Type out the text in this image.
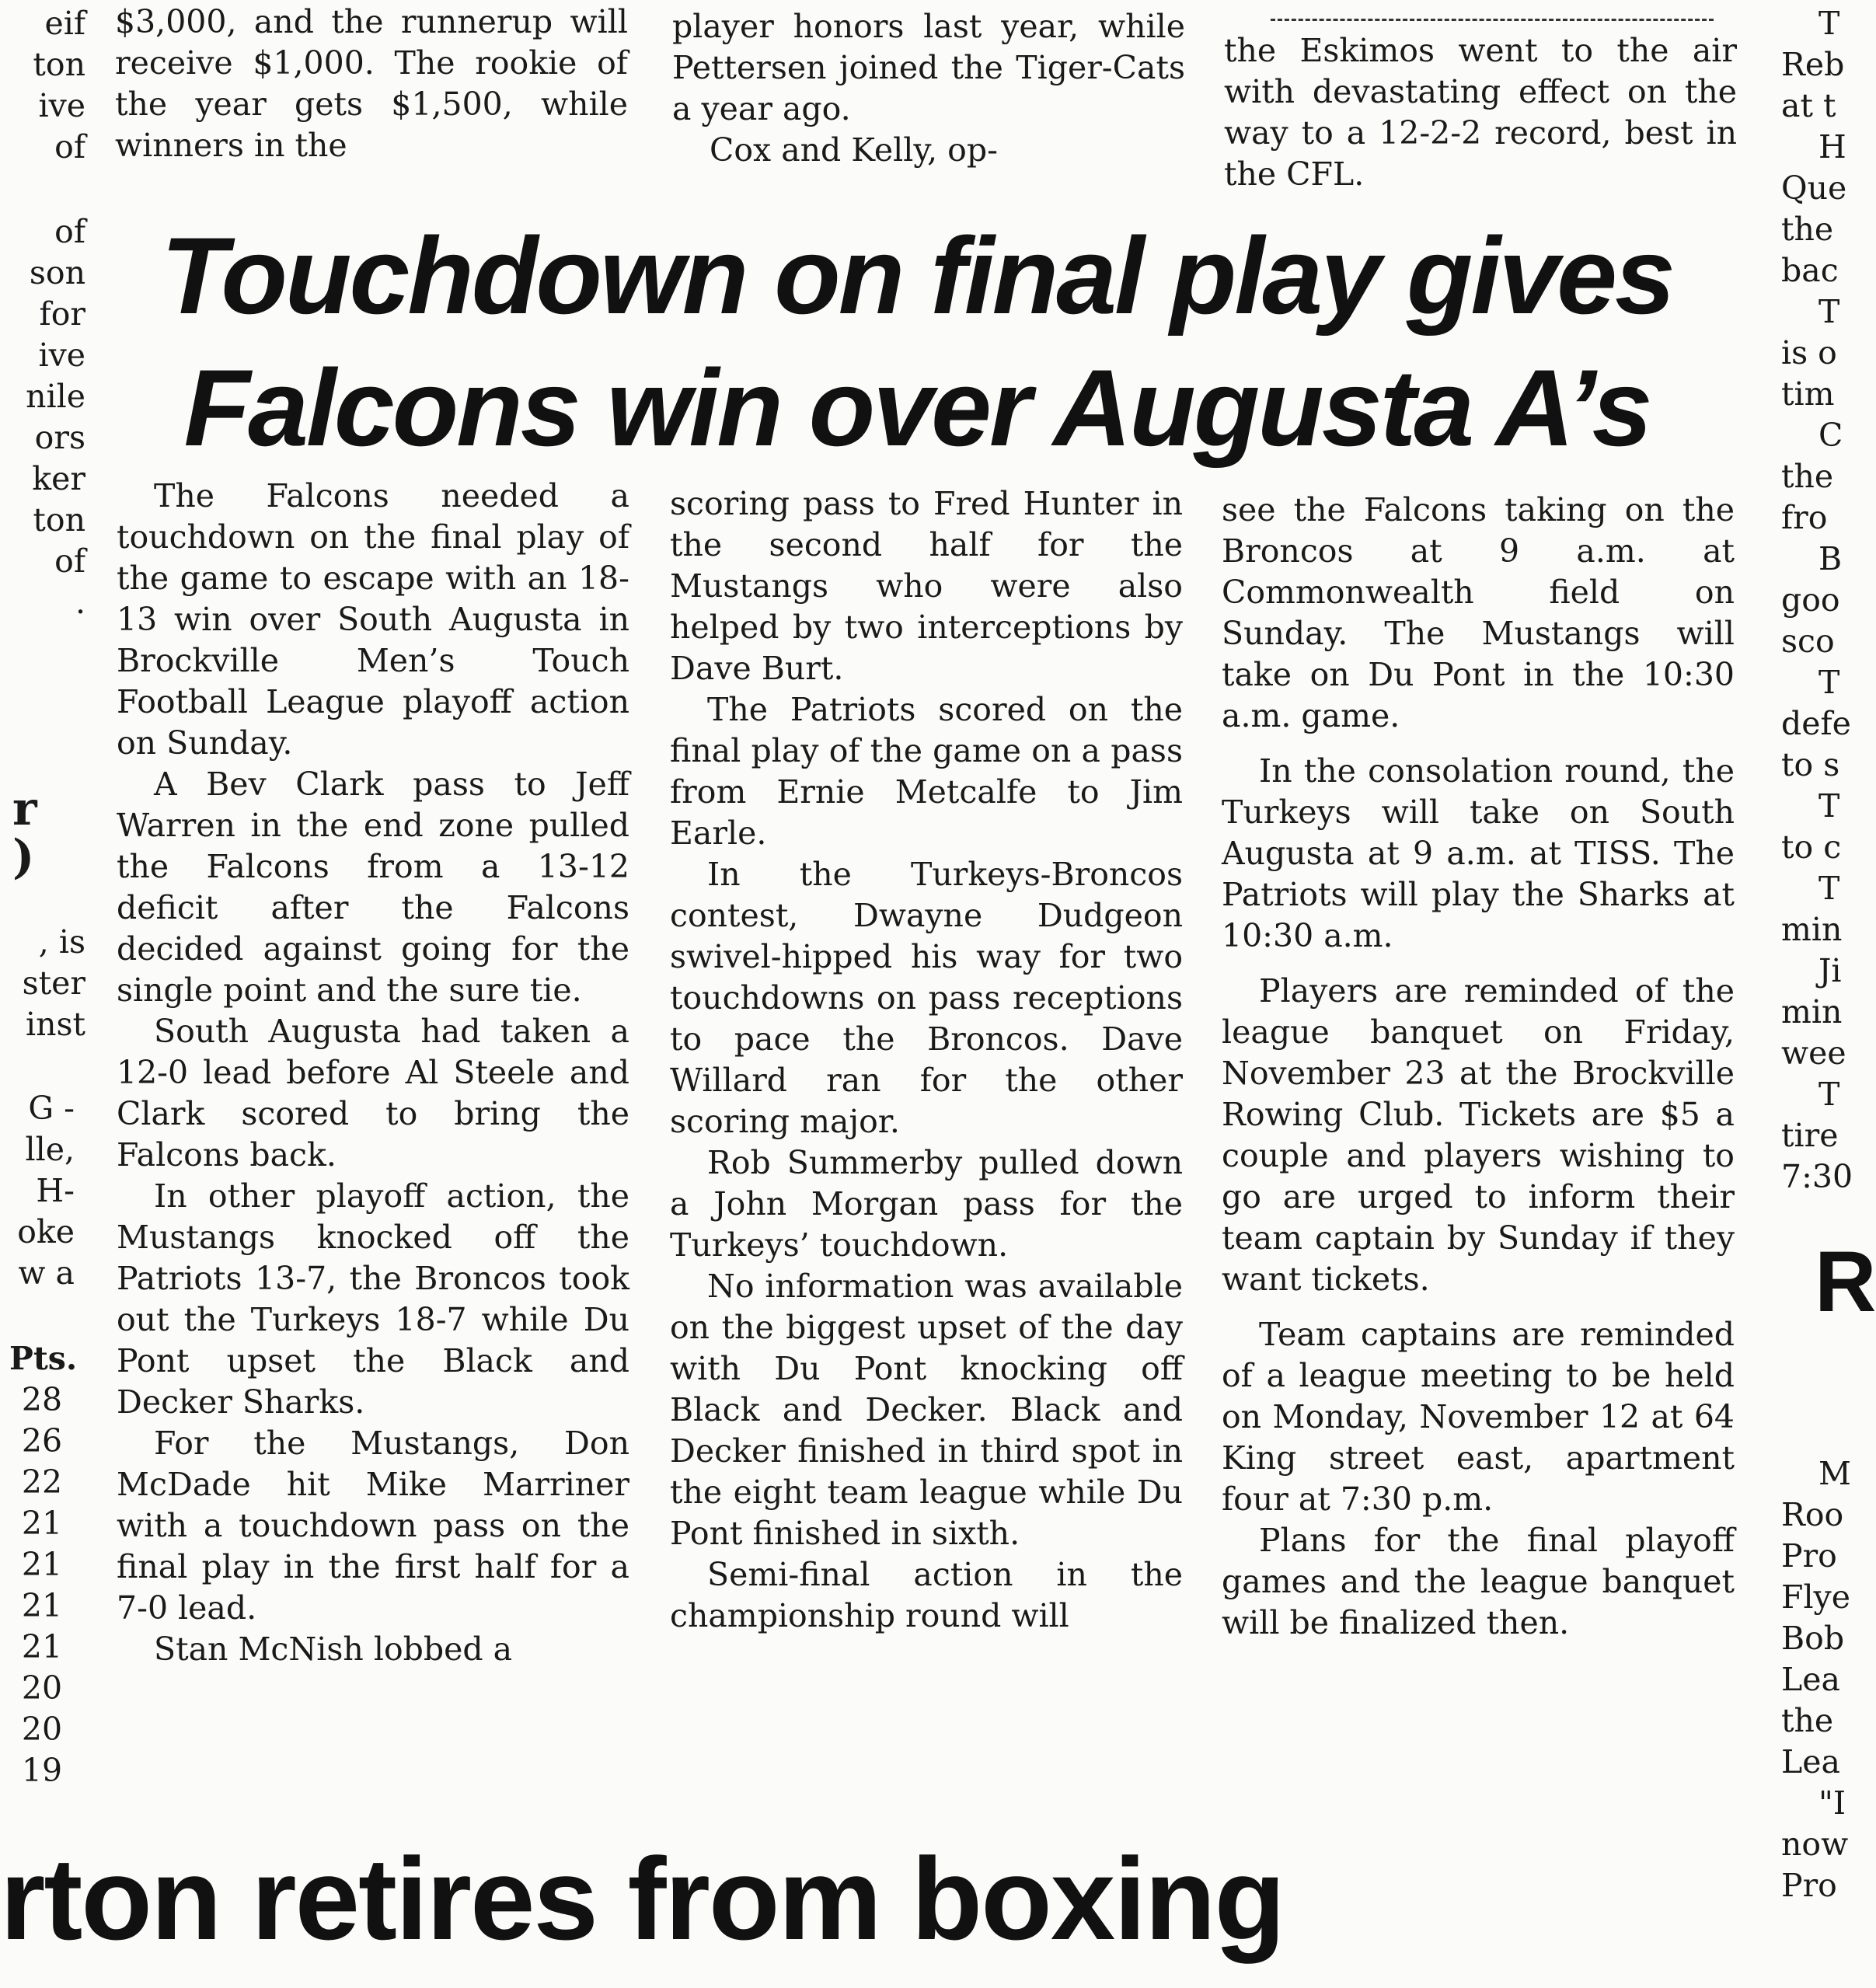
$3,000, and the runnerup will receive $1,000. The rookie of the year gets $1,500, while winners in the

player honors last year, while Pettersen joined the Tiger-Cats a year ago.

Cox and Kelly, op-

the Eskimos went to the air with devastating effect on the way to a 12-2-2 record, best in the CFL.

Touchdown on final play gives
Falcons win over Augusta A’s

The Falcons needed a touchdown on the final play of the game to escape with an 18-13 win over South Augusta in Brockville Men’s Touch Football League playoff action on Sunday.

A Bev Clark pass to Jeff Warren in the end zone pulled the Falcons from a 13-12 deficit after the Falcons decided against going for the single point and the sure tie.

South Augusta had taken a 12-0 lead before Al Steele and Clark scored to bring the Falcons back.

In other playoff action, the Mustangs knocked off the Patriots 13-7, the Broncos took out the Turkeys 18-7 while Du Pont upset the Black and Decker Sharks.

For the Mustangs, Don McDade hit Mike Marriner with a touchdown pass on the final play in the first half for a 7-0 lead.

Stan McNish lobbed a

scoring pass to Fred Hunter in the second half for the Mustangs who were also helped by two interceptions by Dave Burt.

The Patriots scored on the final play of the game on a pass from Ernie Metcalfe to Jim Earle.

In the Turkeys-Broncos contest, Dwayne Dudgeon swivel-hipped his way for two touchdowns on pass receptions to pace the Broncos. Dave Willard ran for the other scoring major.

Rob Summerby pulled down a John Morgan pass for the Turkeys’ touchdown.

No information was available on the biggest upset of the day with Du Pont knocking off Black and Decker. Black and Decker finished in third spot in the eight team league while Du Pont finished in sixth.

Semi-final action in the championship round will

see the Falcons taking on the Broncos at 9 a.m. at Commonwealth field on Sunday. The Mustangs will take on Du Pont in the 10:30 a.m. game.

In the consolation round, the Turkeys will take on South Augusta at 9 a.m. at TISS. The Patriots will play the Sharks at 10:30 a.m.

Players are reminded of the league banquet on Friday, November 23 at the Brockville Rowing Club. Tickets are $5 a couple and players wishing to go are urged to inform their team captain by Sunday if they want tickets.

Team captains are reminded of a league meeting to be held on Monday, November 12 at 64 King street east, apartment four at 7:30 p.m.

Plans for the final playoff games and the league banquet will be finalized then.

eif
ton
ive
of
of
son
for
ive
nile
ors
ker
ton
of
.
r
)
, is
ster
inst
G -
lle,
H-
oke
w a
Pts.
28
26
22
21
21
21
21
20
20
19
T
Reb
at t
H
Que
the
bac
T
is o
tim
C
the
fro
B
goo
sco
T
defe
to s
T
to c
T
min
Ji
min
wee
T
tire
7:30
R
M
Roo
Pro
Flye
Bob
Lea
the
Lea
"I
now
Pro
rton retires from boxing
